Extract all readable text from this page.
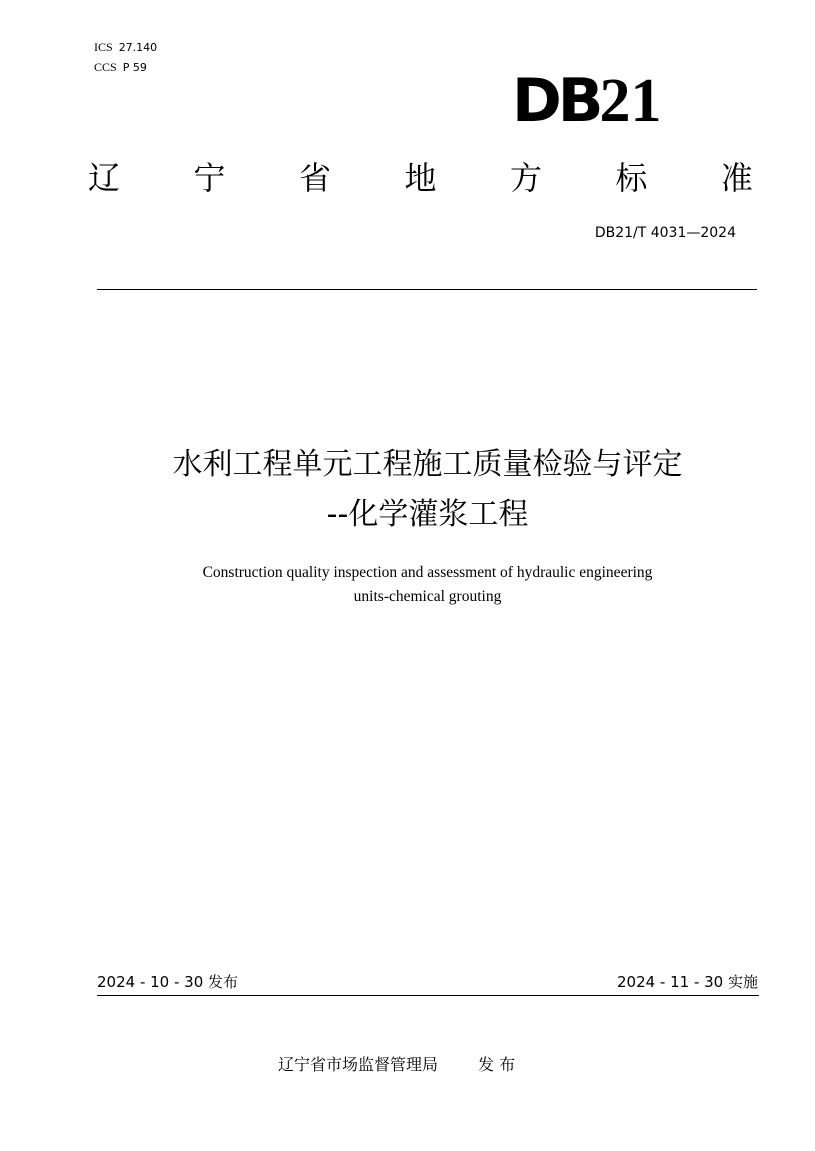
ICS 27.140
CCS P 59	DB21
辽 宁 省 地 方 标 准
DB21/T 4031—2024
水利工程单元工程施工质量检验与评定
--化学灌浆工程
Construction quality inspection and assessment of hydraulic engineering
units-chemical grouting
2024 - 10 - 30 发布	2024 - 11 - 30 实施
辽宁省市场监督管理局	发 布
